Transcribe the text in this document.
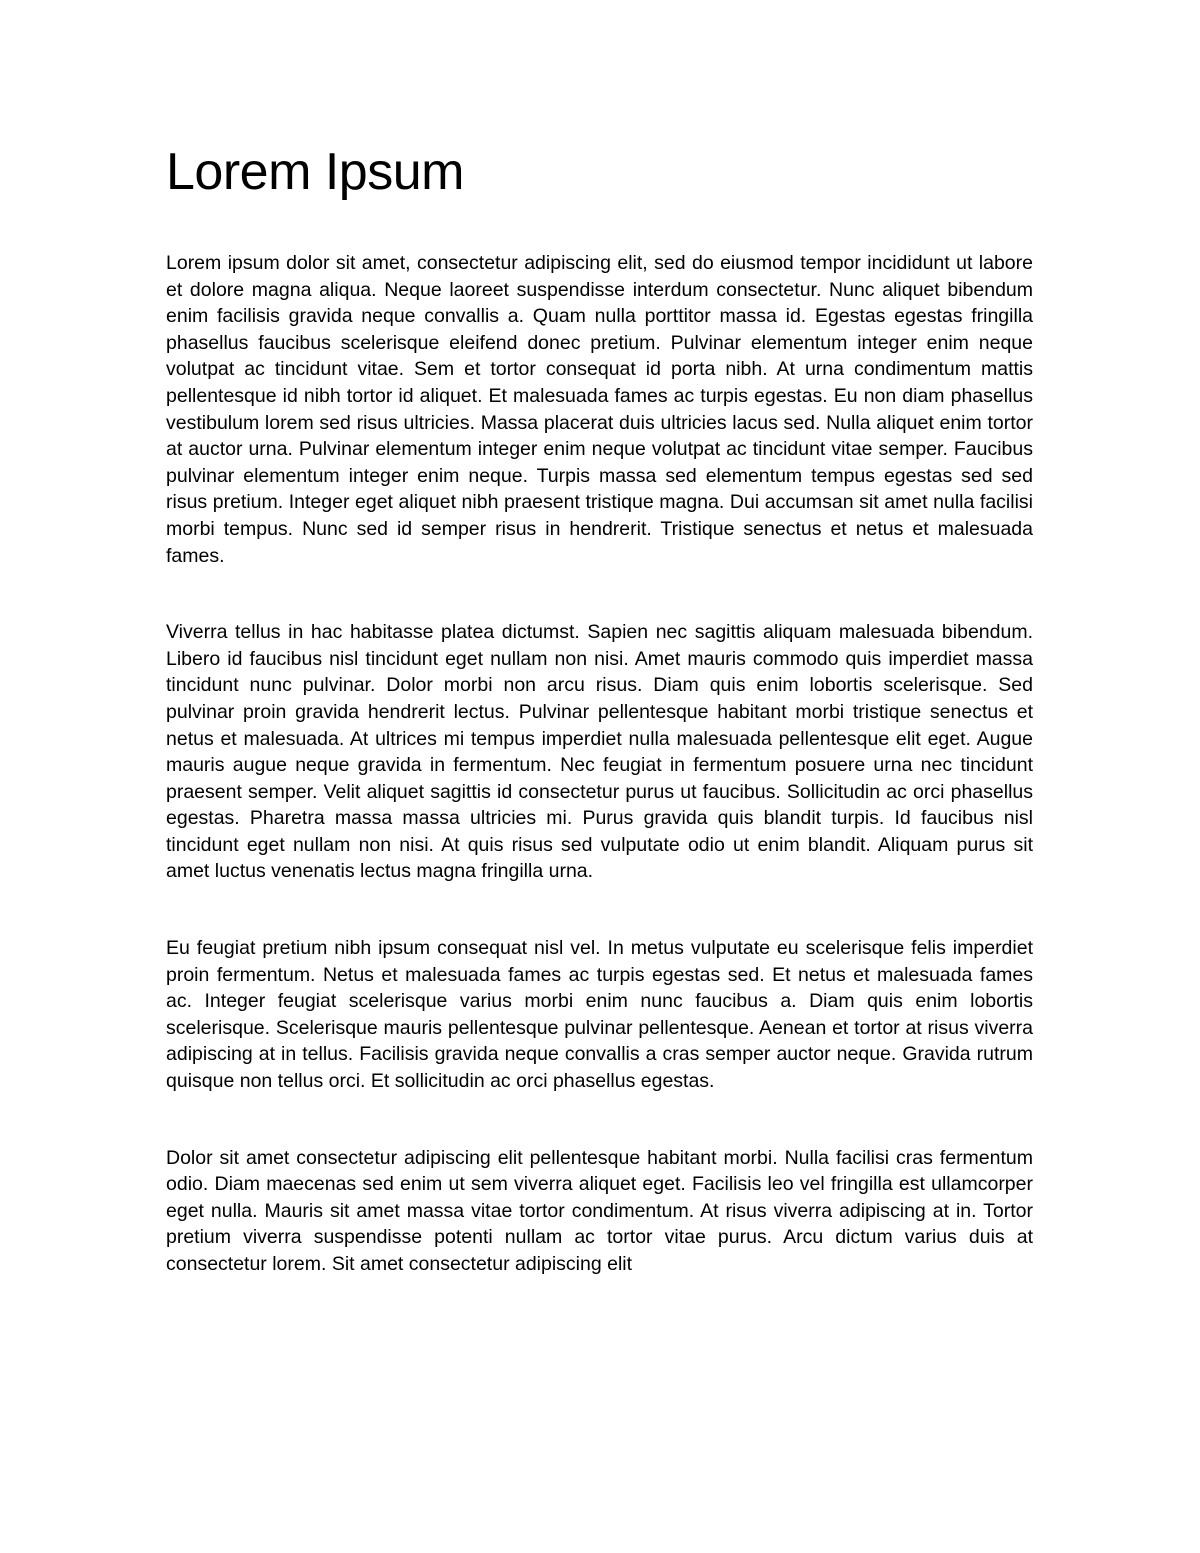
Lorem Ipsum

Lorem ipsum dolor sit amet, consectetur adipiscing elit, sed do eiusmod tempor incididunt ut labore et dolore magna aliqua. Neque laoreet suspendisse interdum consectetur. Nunc aliquet bibendum enim facilisis gravida neque convallis a. Quam nulla porttitor massa id. Egestas egestas fringilla phasellus faucibus scelerisque eleifend donec pretium. Pulvinar elementum integer enim neque volutpat ac tincidunt vitae. Sem et tortor consequat id porta nibh. At urna condimentum mattis pellentesque id nibh tortor id aliquet. Et malesuada fames ac turpis egestas. Eu non diam phasellus vestibulum lorem sed risus ultricies. Massa placerat duis ultricies lacus sed. Nulla aliquet enim tortor at auctor urna. Pulvinar elementum integer enim neque volutpat ac tincidunt vitae semper. Faucibus pulvinar elementum integer enim neque. Turpis massa sed elementum tempus egestas sed sed risus pretium. Integer eget aliquet nibh praesent tristique magna. Dui accumsan sit amet nulla facilisi morbi tempus. Nunc sed id semper risus in hendrerit. Tristique senectus et netus et malesuada fames.

Viverra tellus in hac habitasse platea dictumst. Sapien nec sagittis aliquam malesuada bibendum. Libero id faucibus nisl tincidunt eget nullam non nisi. Amet mauris commodo quis imperdiet massa tincidunt nunc pulvinar. Dolor morbi non arcu risus. Diam quis enim lobortis scelerisque. Sed pulvinar proin gravida hendrerit lectus. Pulvinar pellentesque habitant morbi tristique senectus et netus et malesuada. At ultrices mi tempus imperdiet nulla malesuada pellentesque elit eget. Augue mauris augue neque gravida in fermentum. Nec feugiat in fermentum posuere urna nec tincidunt praesent semper. Velit aliquet sagittis id consectetur purus ut faucibus. Sollicitudin ac orci phasellus egestas. Pharetra massa massa ultricies mi. Purus gravida quis blandit turpis. Id faucibus nisl tincidunt eget nullam non nisi. At quis risus sed vulputate odio ut enim blandit. Aliquam purus sit amet luctus venenatis lectus magna fringilla urna.

Eu feugiat pretium nibh ipsum consequat nisl vel. In metus vulputate eu scelerisque felis imperdiet proin fermentum. Netus et malesuada fames ac turpis egestas sed. Et netus et malesuada fames ac. Integer feugiat scelerisque varius morbi enim nunc faucibus a. Diam quis enim lobortis scelerisque. Scelerisque mauris pellentesque pulvinar pellentesque. Aenean et tortor at risus viverra adipiscing at in tellus. Facilisis gravida neque convallis a cras semper auctor neque. Gravida rutrum quisque non tellus orci. Et sollicitudin ac orci phasellus egestas.

Dolor sit amet consectetur adipiscing elit pellentesque habitant morbi. Nulla facilisi cras fermentum odio. Diam maecenas sed enim ut sem viverra aliquet eget. Facilisis leo vel fringilla est ullamcorper eget nulla. Mauris sit amet massa vitae tortor condimentum. At risus viverra adipiscing at in. Tortor pretium viverra suspendisse potenti nullam ac tortor vitae purus. Arcu dictum varius duis at consectetur lorem. Sit amet consectetur adipiscing elit
